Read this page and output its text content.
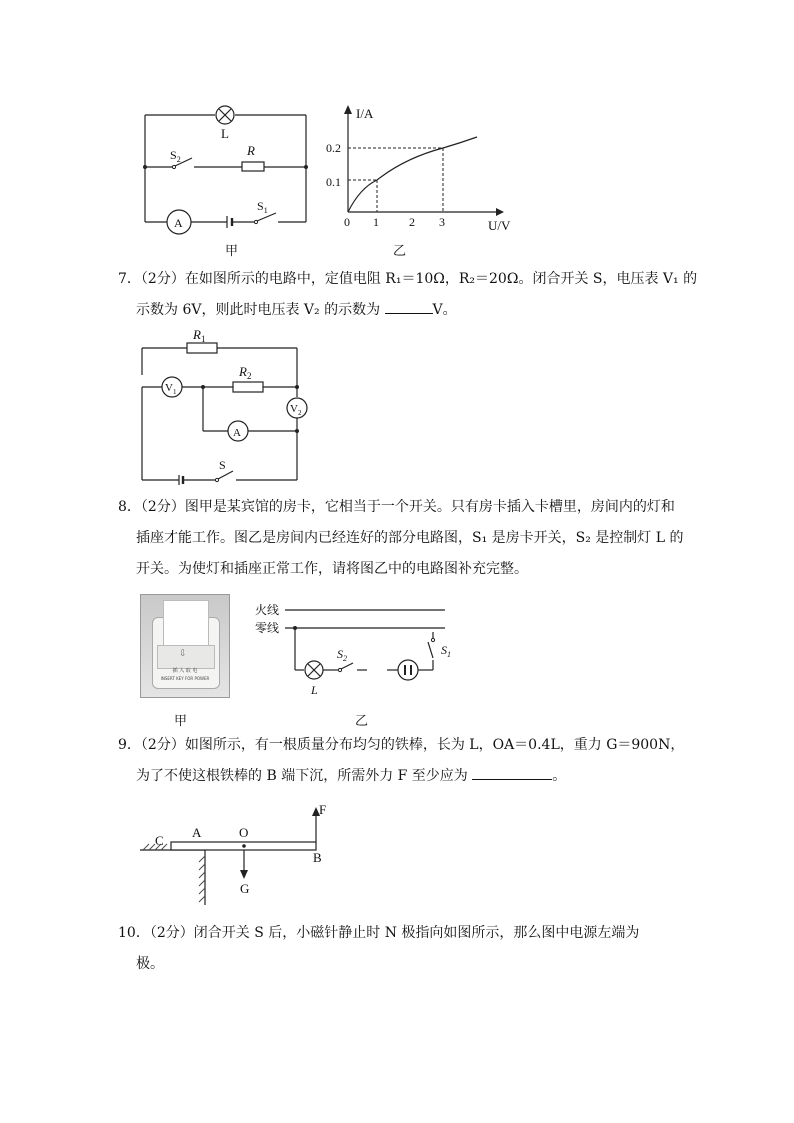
L
$S_2$
R
A
$S_1$
甲
I/A
U/V
0.2
0.1
0 1	2 3
乙
7．（2分）在如图所示的电路中，定值电阻 R₁＝10Ω，R₂＝20Ω。闭合开关 S，电压表 V₁ 的
示数为 6V，则此时电压表 V₂ 的示数为	V。
$R_1$
$V_1$
$R_2$
$V_2$
A
S
8．（2分）图甲是某宾馆的房卡，它相当于一个开关。只有房卡插入卡槽里，房间内的灯和
插座才能工作。图乙是房间内已经连好的部分电路图，S₁ 是房卡开关，S₂ 是控制灯 L 的
开关。为使灯和插座正常工作，请将图乙中的电路图补充完整。
⇩
插 入 取 电
INSERT KEY FOR POWER
甲
火线
零线
L
$S_2$
$S_1$
乙
9．（2分）如图所示，有一根质量分布均匀的铁棒，长为 L，OA＝0.4L，重力 G＝900N，
为了不使这根铁棒的 B 端下沉，所需外力 F 至少应为	。
F
G
C
A	O
B
10．（2分）闭合开关 S 后，小磁针静止时 N 极指向如图所示，那么图中电源左端为
极。
